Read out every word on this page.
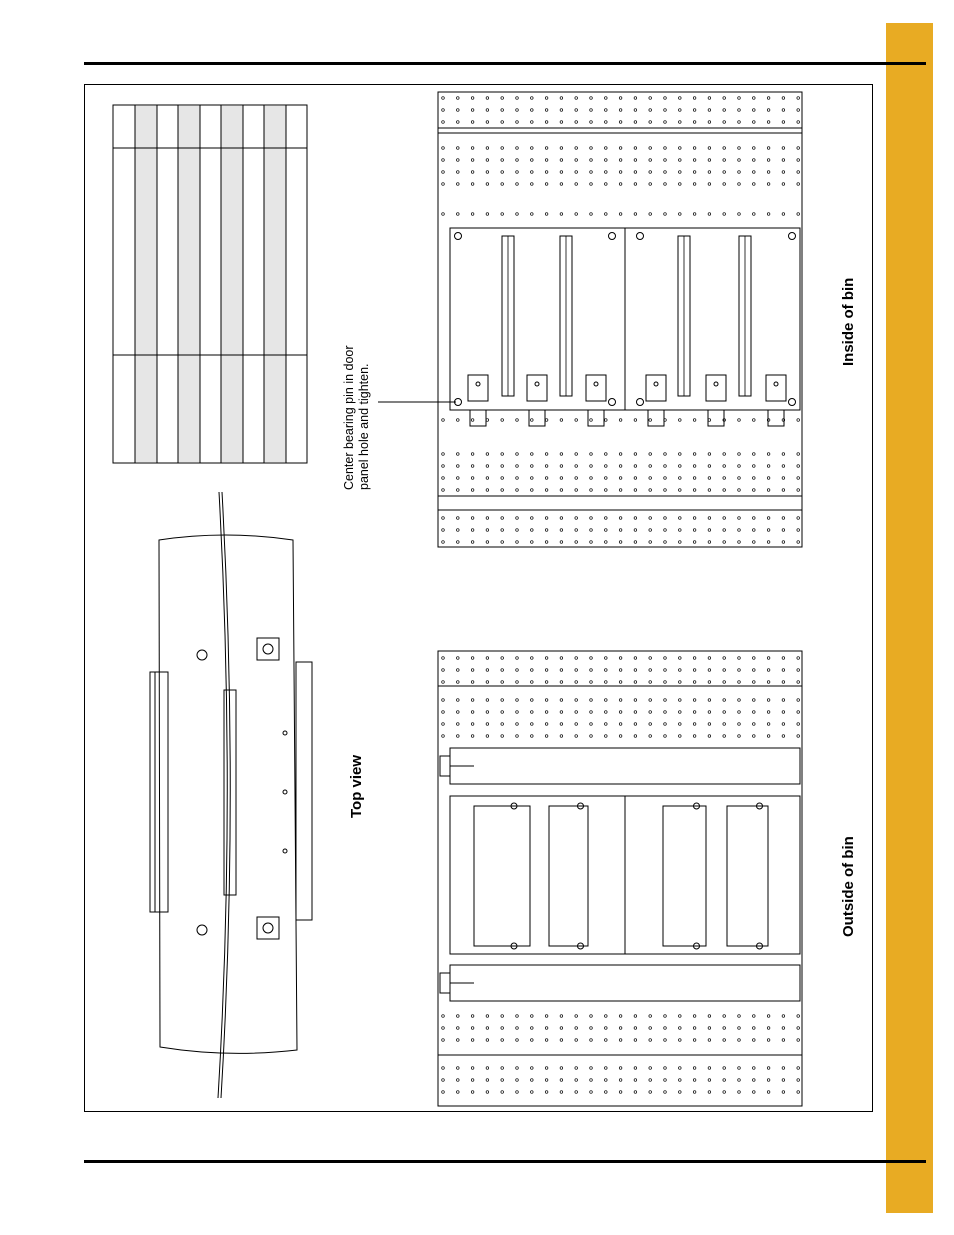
Top view
Outside of bin
Inside of bin
Center bearing pin in door panel hole and tighten.
